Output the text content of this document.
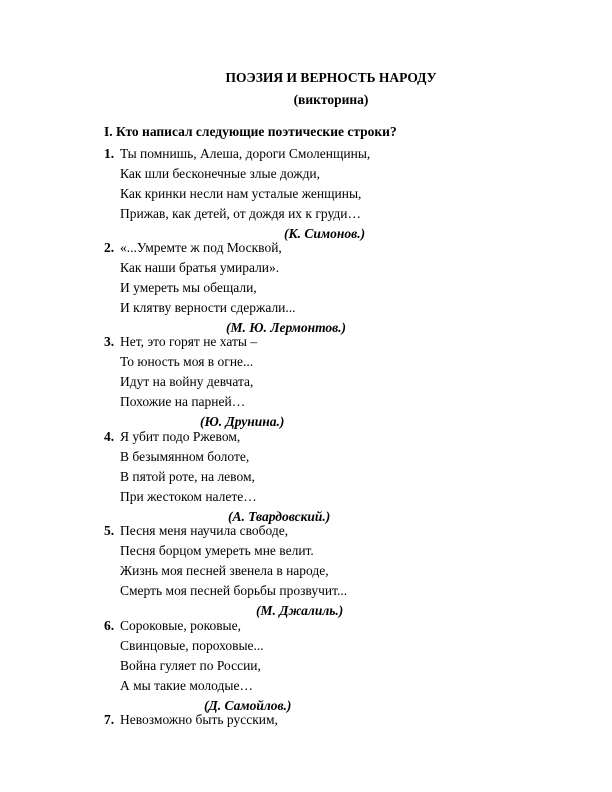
ПОЭЗИЯ И ВЕРНОСТЬ НАРОДУ
(викторина)
I. Кто написал следующие поэтические строки?
1. Ты помнишь, Алеша, дороги Смоленщины,
Как шли бесконечные злые дожди,
Как кринки несли нам усталые женщины,
Прижав, как детей, от дождя их к груди…
(К. Симонов.)
2. «...Умремте ж под Москвой,
Как наши братья умирали».
И умереть мы обещали,
И клятву верности сдержали...
(М. Ю. Лермонтов.)
3. Нет, это горят не хаты –
То юность моя в огне...
Идут на войну девчата,
Похожие на парней…
(Ю. Друнина.)
4. Я убит подо Ржевом,
В безымянном болоте,
В пятой роте, на левом,
При жестоком налете…
(А. Твардовский.)
5. Песня меня научила свободе,
Песня борцом умереть мне велит.
Жизнь моя песней звенела в народе,
Смерть моя песней борьбы прозвучит...
(М. Джалиль.)
6. Сороковые, роковые,
Свинцовые, пороховые...
Война гуляет по России,
А мы такие молодые…
(Д. Самойлов.)
7. Невозможно быть русским,
